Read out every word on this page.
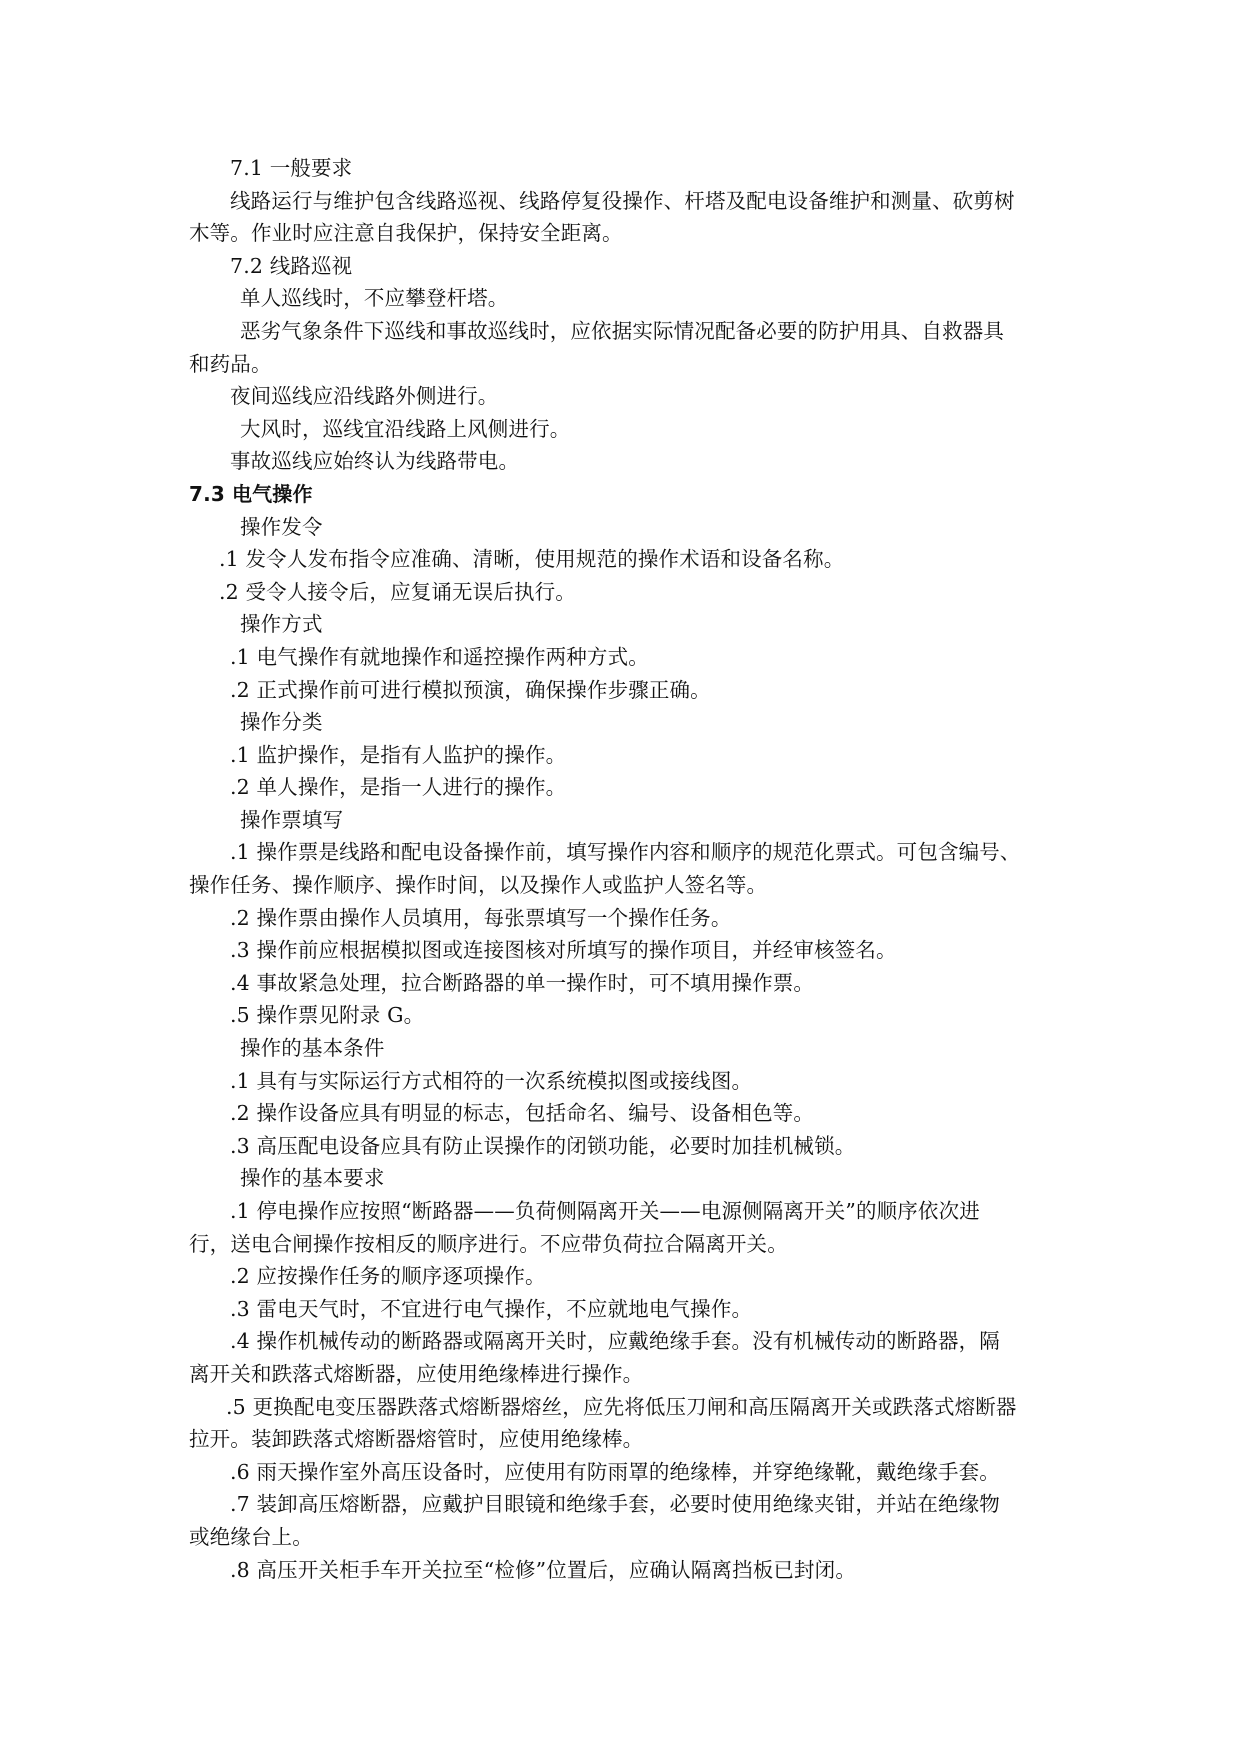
7.1 一般要求
线路运行与维护包含线路巡视、线路停复役操作、杆塔及配电设备维护和测量、砍剪树
木等。作业时应注意自我保护，保持安全距离。
7.2 线路巡视
单人巡线时，不应攀登杆塔。
恶劣气象条件下巡线和事故巡线时，应依据实际情况配备必要的防护用具、自救器具
和药品。
夜间巡线应沿线路外侧进行。
大风时，巡线宜沿线路上风侧进行。
事故巡线应始终认为线路带电。
7.3 电气操作
操作发令
.1 发令人发布指令应准确、清晰，使用规范的操作术语和设备名称。
.2 受令人接令后，应复诵无误后执行。
操作方式
.1 电气操作有就地操作和遥控操作两种方式。
.2 正式操作前可进行模拟预演，确保操作步骤正确。
操作分类
.1 监护操作，是指有人监护的操作。
.2 单人操作，是指一人进行的操作。
操作票填写
.1 操作票是线路和配电设备操作前，填写操作内容和顺序的规范化票式。可包含编号、
操作任务、操作顺序、操作时间，以及操作人或监护人签名等。
.2 操作票由操作人员填用，每张票填写一个操作任务。
.3 操作前应根据模拟图或连接图核对所填写的操作项目，并经审核签名。
.4 事故紧急处理，拉合断路器的单一操作时，可不填用操作票。
.5 操作票见附录 G。
操作的基本条件
.1 具有与实际运行方式相符的一次系统模拟图或接线图。
.2 操作设备应具有明显的标志，包括命名、编号、设备相色等。
.3 高压配电设备应具有防止误操作的闭锁功能，必要时加挂机械锁。
操作的基本要求
.1 停电操作应按照“断路器——负荷侧隔离开关——电源侧隔离开关”的顺序依次进
行，送电合闸操作按相反的顺序进行。不应带负荷拉合隔离开关。
.2 应按操作任务的顺序逐项操作。
.3 雷电天气时，不宜进行电气操作，不应就地电气操作。
.4 操作机械传动的断路器或隔离开关时，应戴绝缘手套。没有机械传动的断路器，隔
离开关和跌落式熔断器，应使用绝缘棒进行操作。
.5 更换配电变压器跌落式熔断器熔丝，应先将低压刀闸和高压隔离开关或跌落式熔断器
拉开。装卸跌落式熔断器熔管时，应使用绝缘棒。
.6 雨天操作室外高压设备时，应使用有防雨罩的绝缘棒，并穿绝缘靴，戴绝缘手套。
.7 装卸高压熔断器，应戴护目眼镜和绝缘手套，必要时使用绝缘夹钳，并站在绝缘物
或绝缘台上。
.8 高压开关柜手车开关拉至“检修”位置后，应确认隔离挡板已封闭。
